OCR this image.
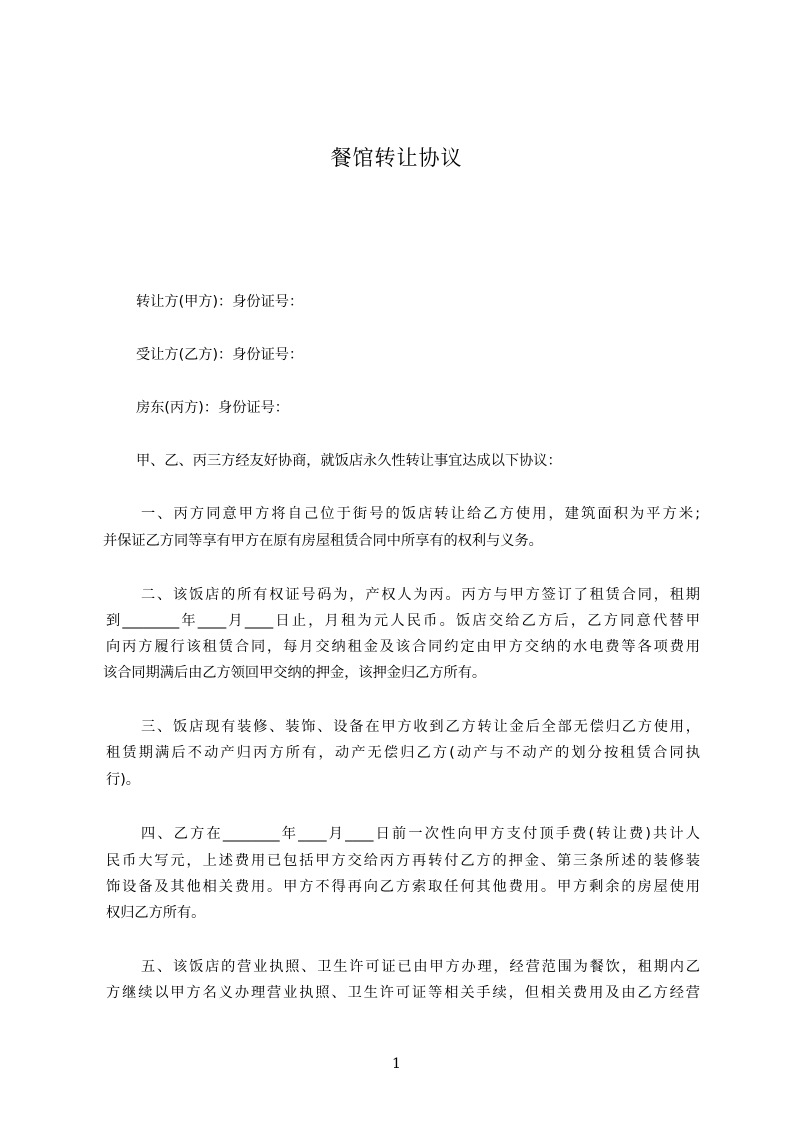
餐馆转让协议
转让方(甲方)：身份证号：
受让方(乙方)：身份证号：
房东(丙方)：身份证号：
甲、乙、丙三方经友好协商，就饭店永久性转让事宜达成以下协议：
一、丙方同意甲方将自己位于街号的饭店转让给乙方使用，建筑面积为平方米;
并保证乙方同等享有甲方在原有房屋租赁合同中所享有的权利与义务。
二、该饭店的所有权证号码为，产权人为丙。丙方与甲方签订了租赁合同，租期
到________年____月____日止，月租为元人民币。饭店交给乙方后，乙方同意代替甲
向丙方履行该租赁合同，每月交纳租金及该合同约定由甲方交纳的水电费等各项费用
该合同期满后由乙方领回甲交纳的押金，该押金归乙方所有。
三、饭店现有装修、装饰、设备在甲方收到乙方转让金后全部无偿归乙方使用，
租赁期满后不动产归丙方所有，动产无偿归乙方(动产与不动产的划分按租赁合同执
行)。
四、乙方在________年____月____日前一次性向甲方支付顶手费(转让费)共计人
民币大写元，上述费用已包括甲方交给丙方再转付乙方的押金、第三条所述的装修装
饰设备及其他相关费用。甲方不得再向乙方索取任何其他费用。甲方剩余的房屋使用
权归乙方所有。
五、该饭店的营业执照、卫生许可证已由甲方办理，经营范围为餐饮，租期内乙
方继续以甲方名义办理营业执照、卫生许可证等相关手续，但相关费用及由乙方经营
1
